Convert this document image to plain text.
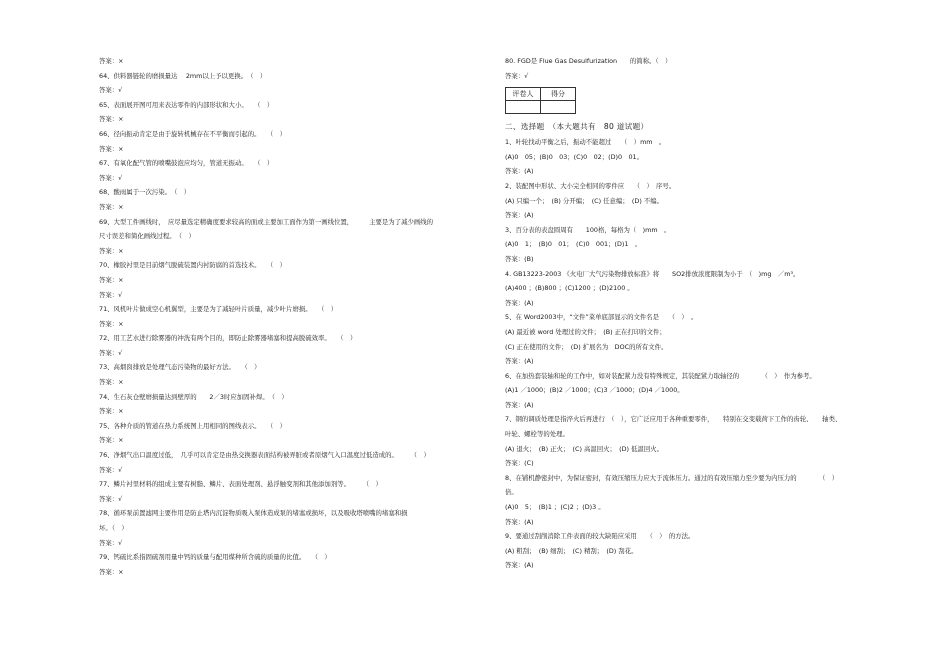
答案：×
64、供料器链轮的磨损量达　 2mm以上予以更换。　（　）
答案：√
65、表面展开图可用来表达零件的内部形状和大小。　　（　）
答案：×
66、径向振动肯定是由于旋转机械存在不平衡而引起的。　　（　）
答案：×
67、有氧化配气管的喷嘴鼓泡应均匀，管道无振动。　　（　）
答案：√
68、酸雨属于一次污染。　（　）
答案：×
69、大型工件画线时，　应尽量选定精确度要求较高的面或主要加工面作为第一画线位置，　　　主要是为了减少画线的
尺寸误差和简化画线过程。　（　）
答案：×
70、橡胶衬里是目前烟气脱硫装置内衬防腐的首选技术。　　（　）
答案：×
答案：√
71、风机叶片做成空心机翼型，主要是为了减轻叶片质量，减少叶片磨损。　　（　）
答案：×
72、用工艺水进行除雾器的冲洗有两个目的，即防止除雾器堵塞和提高脱硫效率。　　（　）
答案：√
73、高烟囱排放是处理气态污染物的最好方法。　　（　）
答案：×
74、生石灰仓壁磨损量达到壁厚的　　2／3时应加固补焊。　（　）
答案：×
75、各种介质的管道在热力系统图上用相同的图线表示。　　（　）
答案：×
76、净烟气出口温度过低，　几乎可以肯定是由热交换器表面结构被弄脏或者原烟气入口温度过低造成的。　　　（　）
答案：√
77、鳞片衬里材料的组成主要有树脂、鳞片、表面处理剂、悬浮触变剂和其他添加剂等。　　　（　）
答案：√
78、循环泵前置滤网主要作用是防止塔内沉淀物质吸入泵体造成泵的堵塞或损坏，以及吸收塔喷嘴的堵塞和损
坏。（　）
答案：√
79、钙硫比系指固硫剂用量中钙的质量与配用煤种所含硫的质量的比值。　　（　）
答案：×
80. FGD是 Flue Gas Desulfurization　　的简称。（　）
答案：√
评卷人	得分

二、选择题　（本大题共有　80 道试题）
1、叶轮找动平衡之后，振动不能超过　　（　）mm　。
(A)0　05；(B)0　03；(C)0　02；(D)0　01。
答案：(A)
2、装配图中形状、大小完全相同的零件应　　（　）　序号。
(A) 只编一个；　(B) 分开编；　(C) 任意编；　(D) 不编。
答案：(A)
3、百分表的表盘圆周有　　100格，每格为（　)mm　。
(A)0　1；　(B)0　01；　(C)0　001；(D)1　。
答案：(B)
4. GB13223-2003 《火电厂大气污染物排放标准》将　　SO2排放浓度限制为小于　（　)mg　／m³。
(A)400 ；(B)800 ；(C)1200 ；(D)2100 。
答案：(A)
5、在 Word2003中，“文件”菜单底部显示的文件名是　　（　）　。
(A) 最近被 word 处理过的文件；　(B) 正在打印的文件；
(C) 正在使用的文件；　(D) 扩展名为　DOC的所有文件。
答案：(A)
6、在加热套装轴和轮的工作中，如对装配紧力没有特殊规定，其装配紧力取轴径的　　　　（　）　作为参考。
(A)1 ／1000；(B)2 ／1000；(C)3 ／1000；(D)4 ／1000。
答案：(A)
7、钢的调质处理是指淬火后再进行　（　），它广泛应用于各种重要零件，　　特别在交变载荷下工作的齿轮、　　轴类、
叶轮、螺栓等的处理。
(A) 退火；　(B) 正火；　(C) 高温回火；　(D) 低温回火。
答案：(C)
8、在铺机静密封中，为保证密封，有效压缩压力应大于流体压力。通过的有效压缩力至少要为内压力的　　　　（　）
倍。
(A)0　5；　(B)1 ；(C)2 ；(D)3 。
答案：(A)
9、要通过刮削消除工件表面的较大缺陷应采用　　（　）　的方法。
(A) 粗刮；　(B) 细刮；　(C) 精刮；　(D) 刮花。
答案：(A)
